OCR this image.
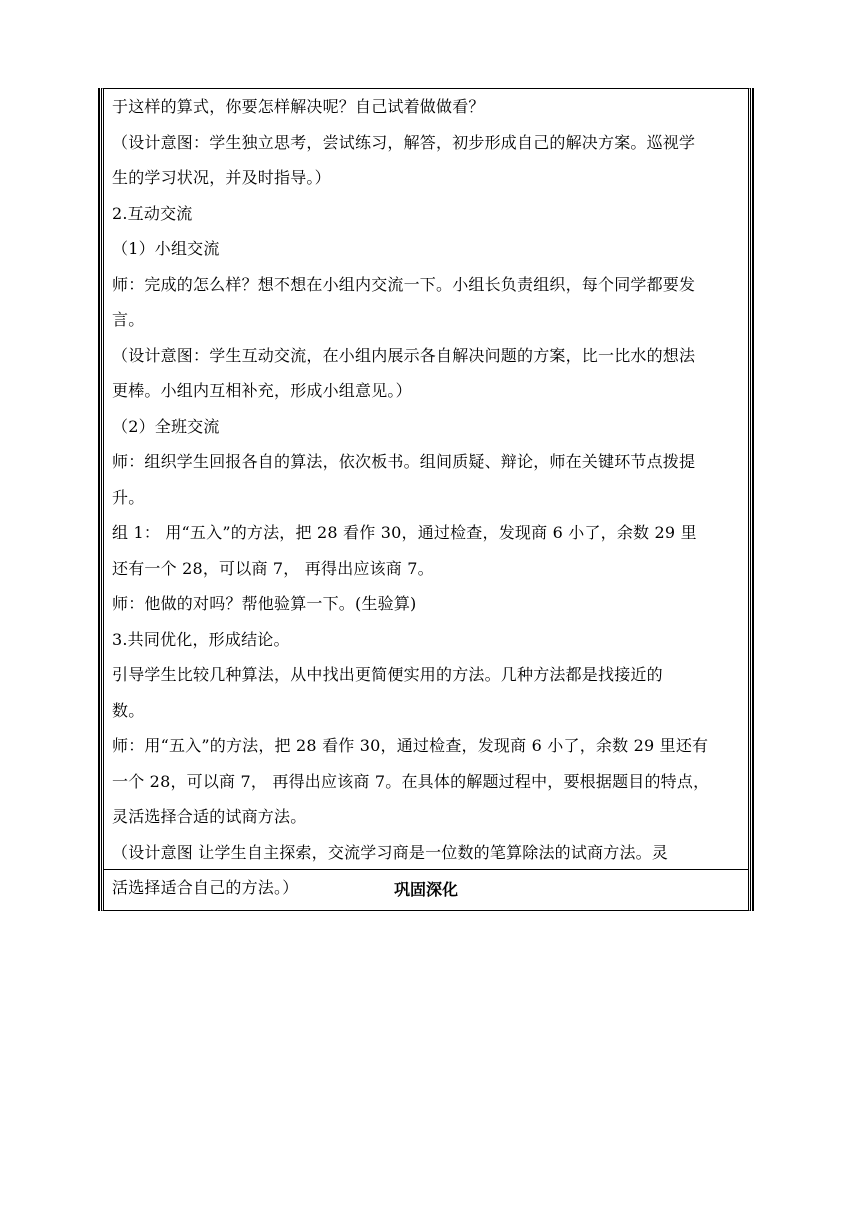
于这样的算式，你要怎样解决呢？自己试着做做看？
（设计意图：学生独立思考，尝试练习，解答，初步形成自己的解决方案。巡视学
生的学习状况，并及时指导。）
2.互动交流
（1）小组交流
师：完成的怎么样？想不想在小组内交流一下。小组长负责组织，每个同学都要发
言。
（设计意图：学生互动交流，在小组内展示各自解决问题的方案，比一比水的想法
更棒。小组内互相补充，形成小组意见。）
（2）全班交流
师：组织学生回报各自的算法，依次板书。组间质疑、辩论，师在关键环节点拨提
升。
组 1： 用“五入”的方法，把 28 看作 30，通过检查，发现商 6 小了，余数 29 里
还有一个 28，可以商 7， 再得出应该商 7。
师：他做的对吗？帮他验算一下。(生验算)
3.共同优化，形成结论。
引导学生比较几种算法，从中找出更简便实用的方法。几种方法都是找接近的
数。
师：用“五入”的方法，把 28 看作 30，通过检查，发现商 6 小了，余数 29 里还有
一个 28，可以商 7， 再得出应该商 7。在具体的解题过程中，要根据题目的特点，
灵活选择合适的试商方法。
（设计意图 让学生自主探索，交流学习商是一位数的笔算除法的试商方法。灵
活选择适合自己的方法。）	巩固深化
